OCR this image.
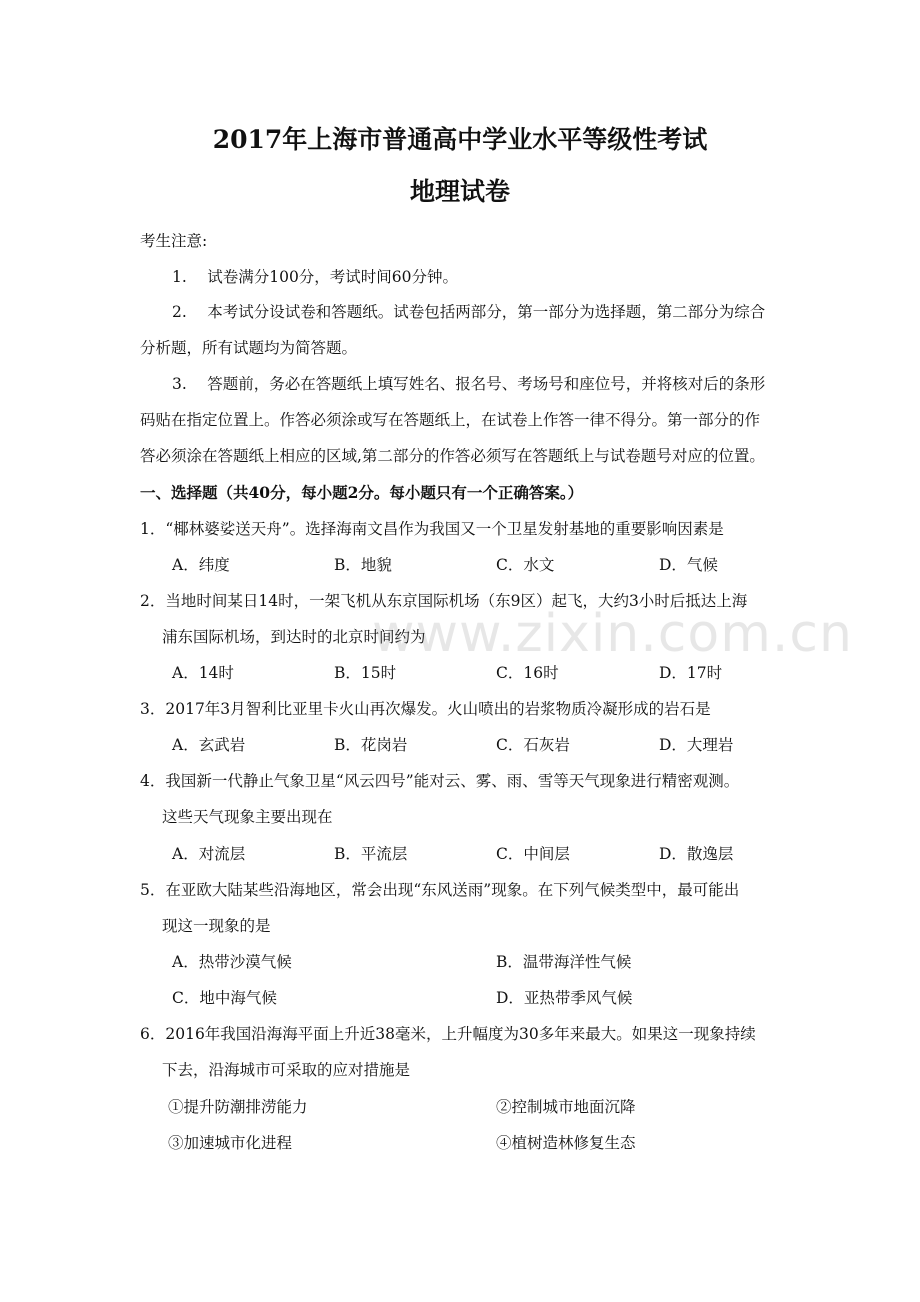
2017年上海市普通高中学业水平等级性考试
地理试卷
考生注意:
1.　 试卷满分100分，考试时间60分钟。
2.　 本考试分设试卷和答题纸。试卷包括两部分，第一部分为选择题，第二部分为综合
分析题，所有试题均为简答题。
3.　 答题前，务必在答题纸上填写姓名、报名号、考场号和座位号，并将核对后的条形
码贴在指定位置上。作答必须涂或写在答题纸上，在试卷上作答一律不得分。第一部分的作
答必须涂在答题纸上相应的区域,第二部分的作答必须写在答题纸上与试卷题号对应的位置。
一、选择题（共40分，每小题2分。每小题只有一个正确答案。）
1．“椰林婆娑送天舟”。选择海南文昌作为我国又一个卫星发射基地的重要影响因素是
A．纬度	B．地貌	C．水文	D．气候
2．当地时间某日14时，一架飞机从东京国际机场（东9区）起飞，大约3小时后抵达上海
浦东国际机场，到达时的北京时间约为
A．14时	B．15时	C．16时	D．17时
3．2017年3月智利比亚里卡火山再次爆发。火山喷出的岩浆物质冷凝形成的岩石是
A．玄武岩	B．花岗岩	C．石灰岩	D．大理岩
4．我国新一代静止气象卫星“风云四号”能对云、雾、雨、雪等天气现象进行精密观测。
这些天气现象主要出现在
A．对流层	B．平流层	C．中间层	D．散逸层
5．在亚欧大陆某些沿海地区，常会出现“东风送雨”现象。在下列气候类型中，最可能出
现这一现象的是
A．热带沙漠气候	B．温带海洋性气候
C．地中海气候	D．亚热带季风气候
6．2016年我国沿海海平面上升近38毫米，上升幅度为30多年来最大。如果这一现象持续
下去，沿海城市可采取的应对措施是
①提升防潮排涝能力	②控制城市地面沉降
③加速城市化进程	④植树造林修复生态
www.zixin.com.cn
